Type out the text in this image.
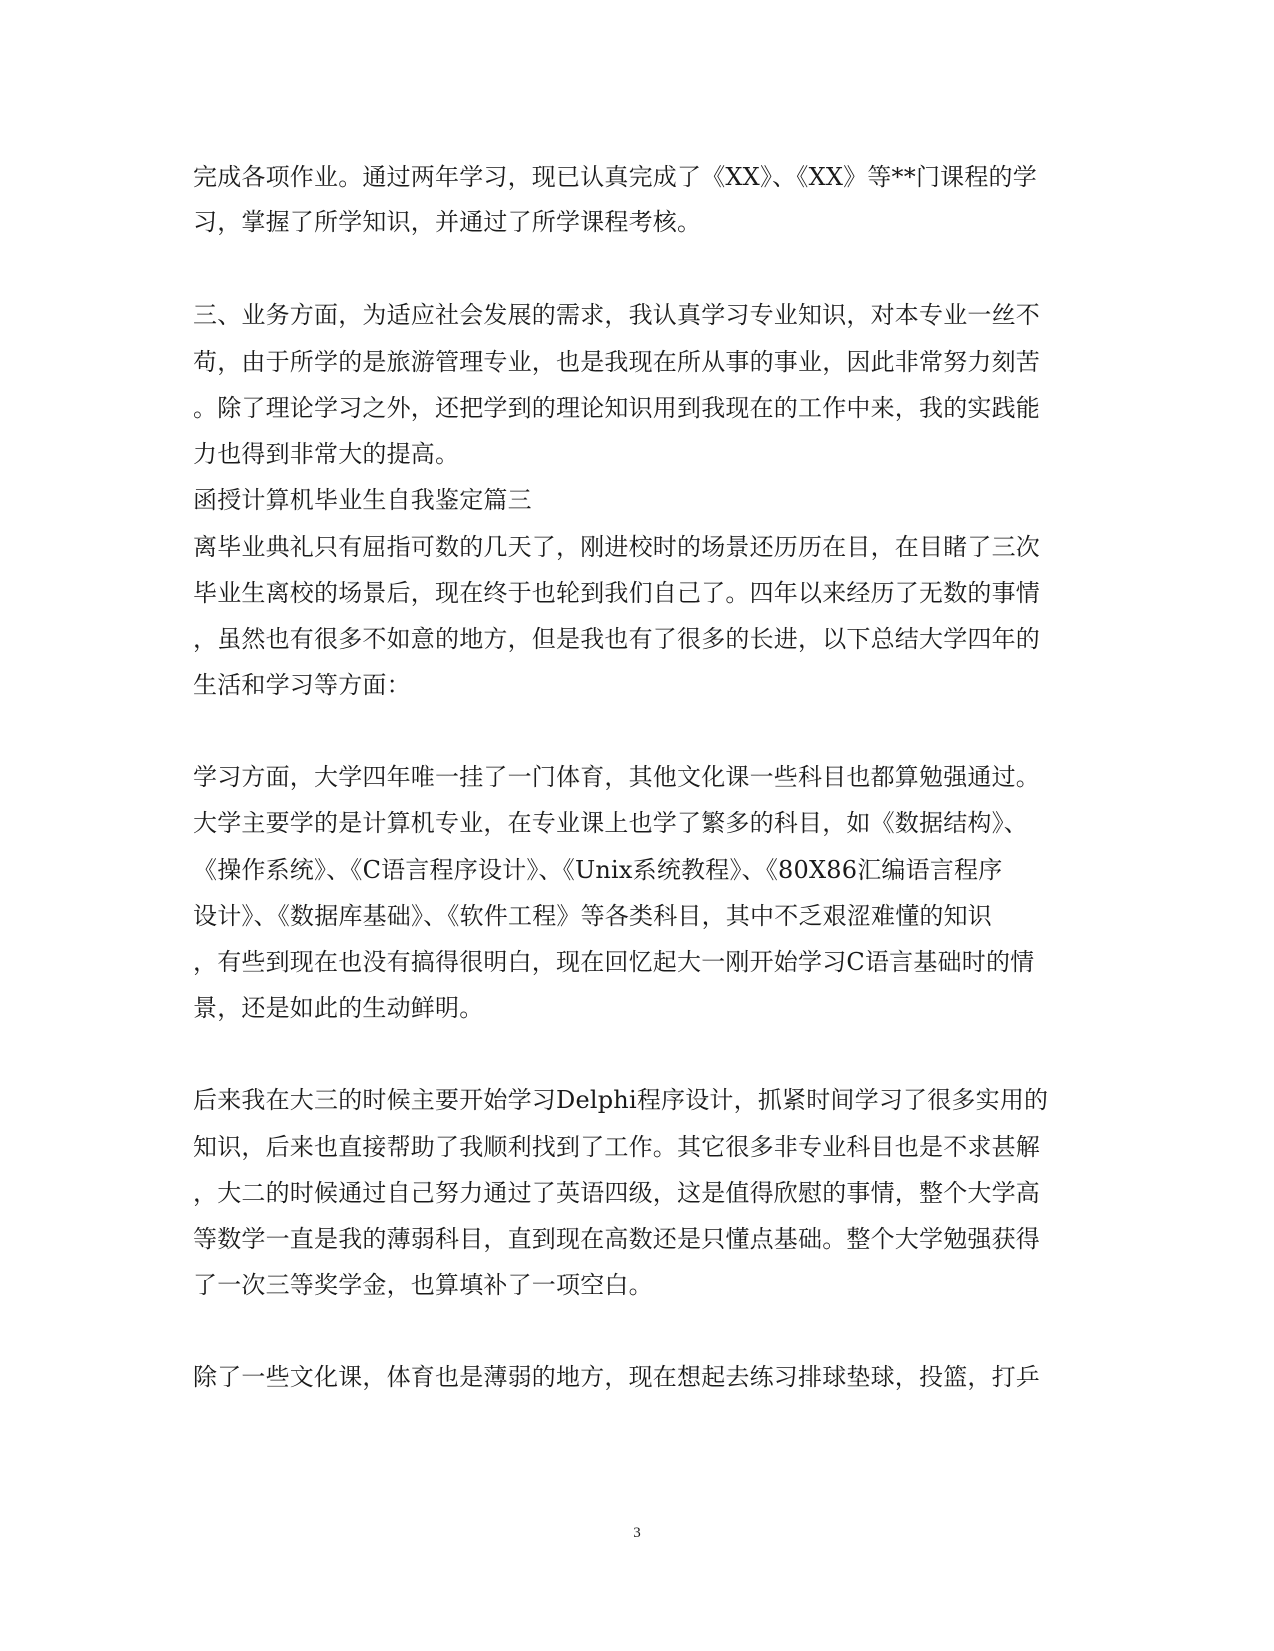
完成各项作业。通过两年学习，现已认真完成了《XX》、《XX》等**门课程的学
习，掌握了所学知识，并通过了所学课程考核。
三、业务方面，为适应社会发展的需求，我认真学习专业知识，对本专业一丝不
苟，由于所学的是旅游管理专业，也是我现在所从事的事业，因此非常努力刻苦
。除了理论学习之外，还把学到的理论知识用到我现在的工作中来，我的实践能
力也得到非常大的提高。
函授计算机毕业生自我鉴定篇三
离毕业典礼只有屈指可数的几天了，刚进校时的场景还历历在目，在目睹了三次
毕业生离校的场景后，现在终于也轮到我们自己了。四年以来经历了无数的事情
，虽然也有很多不如意的地方，但是我也有了很多的长进，以下总结大学四年的
生活和学习等方面：
学习方面，大学四年唯一挂了一门体育，其他文化课一些科目也都算勉强通过。
大学主要学的是计算机专业，在专业课上也学了繁多的科目，如《数据结构》、
《操作系统》、《C语言程序设计》、《Unix系统教程》、《80X86汇编语言程序
设计》、《数据库基础》、《软件工程》等各类科目，其中不乏艰涩难懂的知识
，有些到现在也没有搞得很明白，现在回忆起大一刚开始学习C语言基础时的情
景，还是如此的生动鲜明。
后来我在大三的时候主要开始学习Delphi程序设计，抓紧时间学习了很多实用的
知识，后来也直接帮助了我顺利找到了工作。其它很多非专业科目也是不求甚解
，大二的时候通过自己努力通过了英语四级，这是值得欣慰的事情，整个大学高
等数学一直是我的薄弱科目，直到现在高数还是只懂点基础。整个大学勉强获得
了一次三等奖学金，也算填补了一项空白。
除了一些文化课，体育也是薄弱的地方，现在想起去练习排球垫球，投篮，打乒
3
